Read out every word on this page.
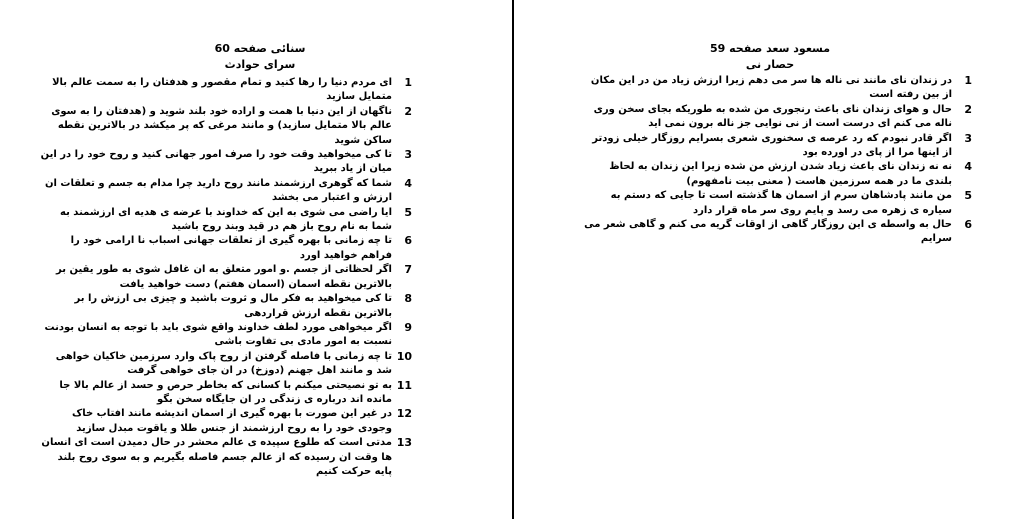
سنائی صفحه 60
سرای حوادث
1
ای مردم دنیا را رها کنید و تمام مقصور و هدفتان را به سمت عالم بالا متمایل سازید
2
ناگهان از این دنیا با همت و اراده خود بلند شوید و (هدفتان را به سوی عالم بالا متمایل سازید) و مانند مرغی که پر میکشد در بالاترین نقطه ساکن شوید
3
تا کی میخواهید وقت خود را صرف امور جهانی کنید و روح خود را در این میان از یاد ببرید
4
شما که گوهری ارزشمند مانند روح دارید چرا مدام به جسم و تعلقات ان ارزش و اعتبار می بخشد
5
ایا راضی می شوی به این که خداوند با عرضه ی هدیه ای ارزشمند به شما به نام روح باز هم در قید وبند روح باشید
6
تا چه زمانی با بهره گیری از تعلقات جهانی اسباب نا ارامی خود را فراهم خواهید اورد
7
اگر لحظاتی از جسم .و امور متعلق به ان غافل شوی به طور یقین بر بالاترین نقطه اسمان (اسمان هفتم) دست خواهید یافت
8
تا کی میخواهید به فکر مال و ثروت باشید و چیزی بی ارزش را بر بالاترین نقطه ارزش قراردهی
9
اگر میخواهی مورد لطف خداوند واقع شوی باید با توجه به انسان بودنت نسبت به امور مادی بی تفاوت باشی
10
تا چه زمانی با فاصله گرفتن از روح پاک وارد سرزمین خاکیان خواهی شد و مانند اهل جهنم (دوزخ) در ان جای خواهی گرفت
11
به تو نصیحتی میکنم با کسانی که بخاطر حرص و حسد از عالم بالا جا مانده اند درباره ی زندگی در ان جایگاه سخن بگو
12
در غیر این صورت با بهره گیری از اسمان اندیشه مانند افتاب خاک وجودی خود را به روح ارزشمند از جنس طلا و یاقوت مبدل سازید
13
مدتی است که طلوع سپیده ی عالم محشر در حال دمیدن است ای انسان ها وقت ان رسیده که از عالم جسم فاصله بگیریم و به سوی روح بلند پایه حرکت کنیم
مسعود سعد صفحه 59
حصار نی
1
در زندان نای مانند نی ناله ها سر می دهم زیرا ارزش زیاد من در این مکان از بین رفته است
2
حال و هوای زندان نای باعث رنجوری من شده به طوریکه بجای سخن وری ناله می کنم ای درست است از نی نوایی جز ناله برون نمی اید
3
اگر قادر نبودم که رد عرصه ی سخنوری شعری بسرایم روزگار خیلی زودتر از اینها مرا از پای در اورده بود
4
نه نه زندان نای باعث زیاد شدن ارزش من شده زیرا این زندان به لحاظ بلندی ما در همه سرزمین هاست ( معنی بیت نامفهوم)
5
من مانند پادشاهان سرم از اسمان ها گذشته است تا جایی که دستم به سیاره ی زهره می رسد و پایم روی سر ماه قرار دارد
6
حال به واسطه ی این روزگار گاهی از اوقات گریه می کنم و گاهی شعر می سرایم
